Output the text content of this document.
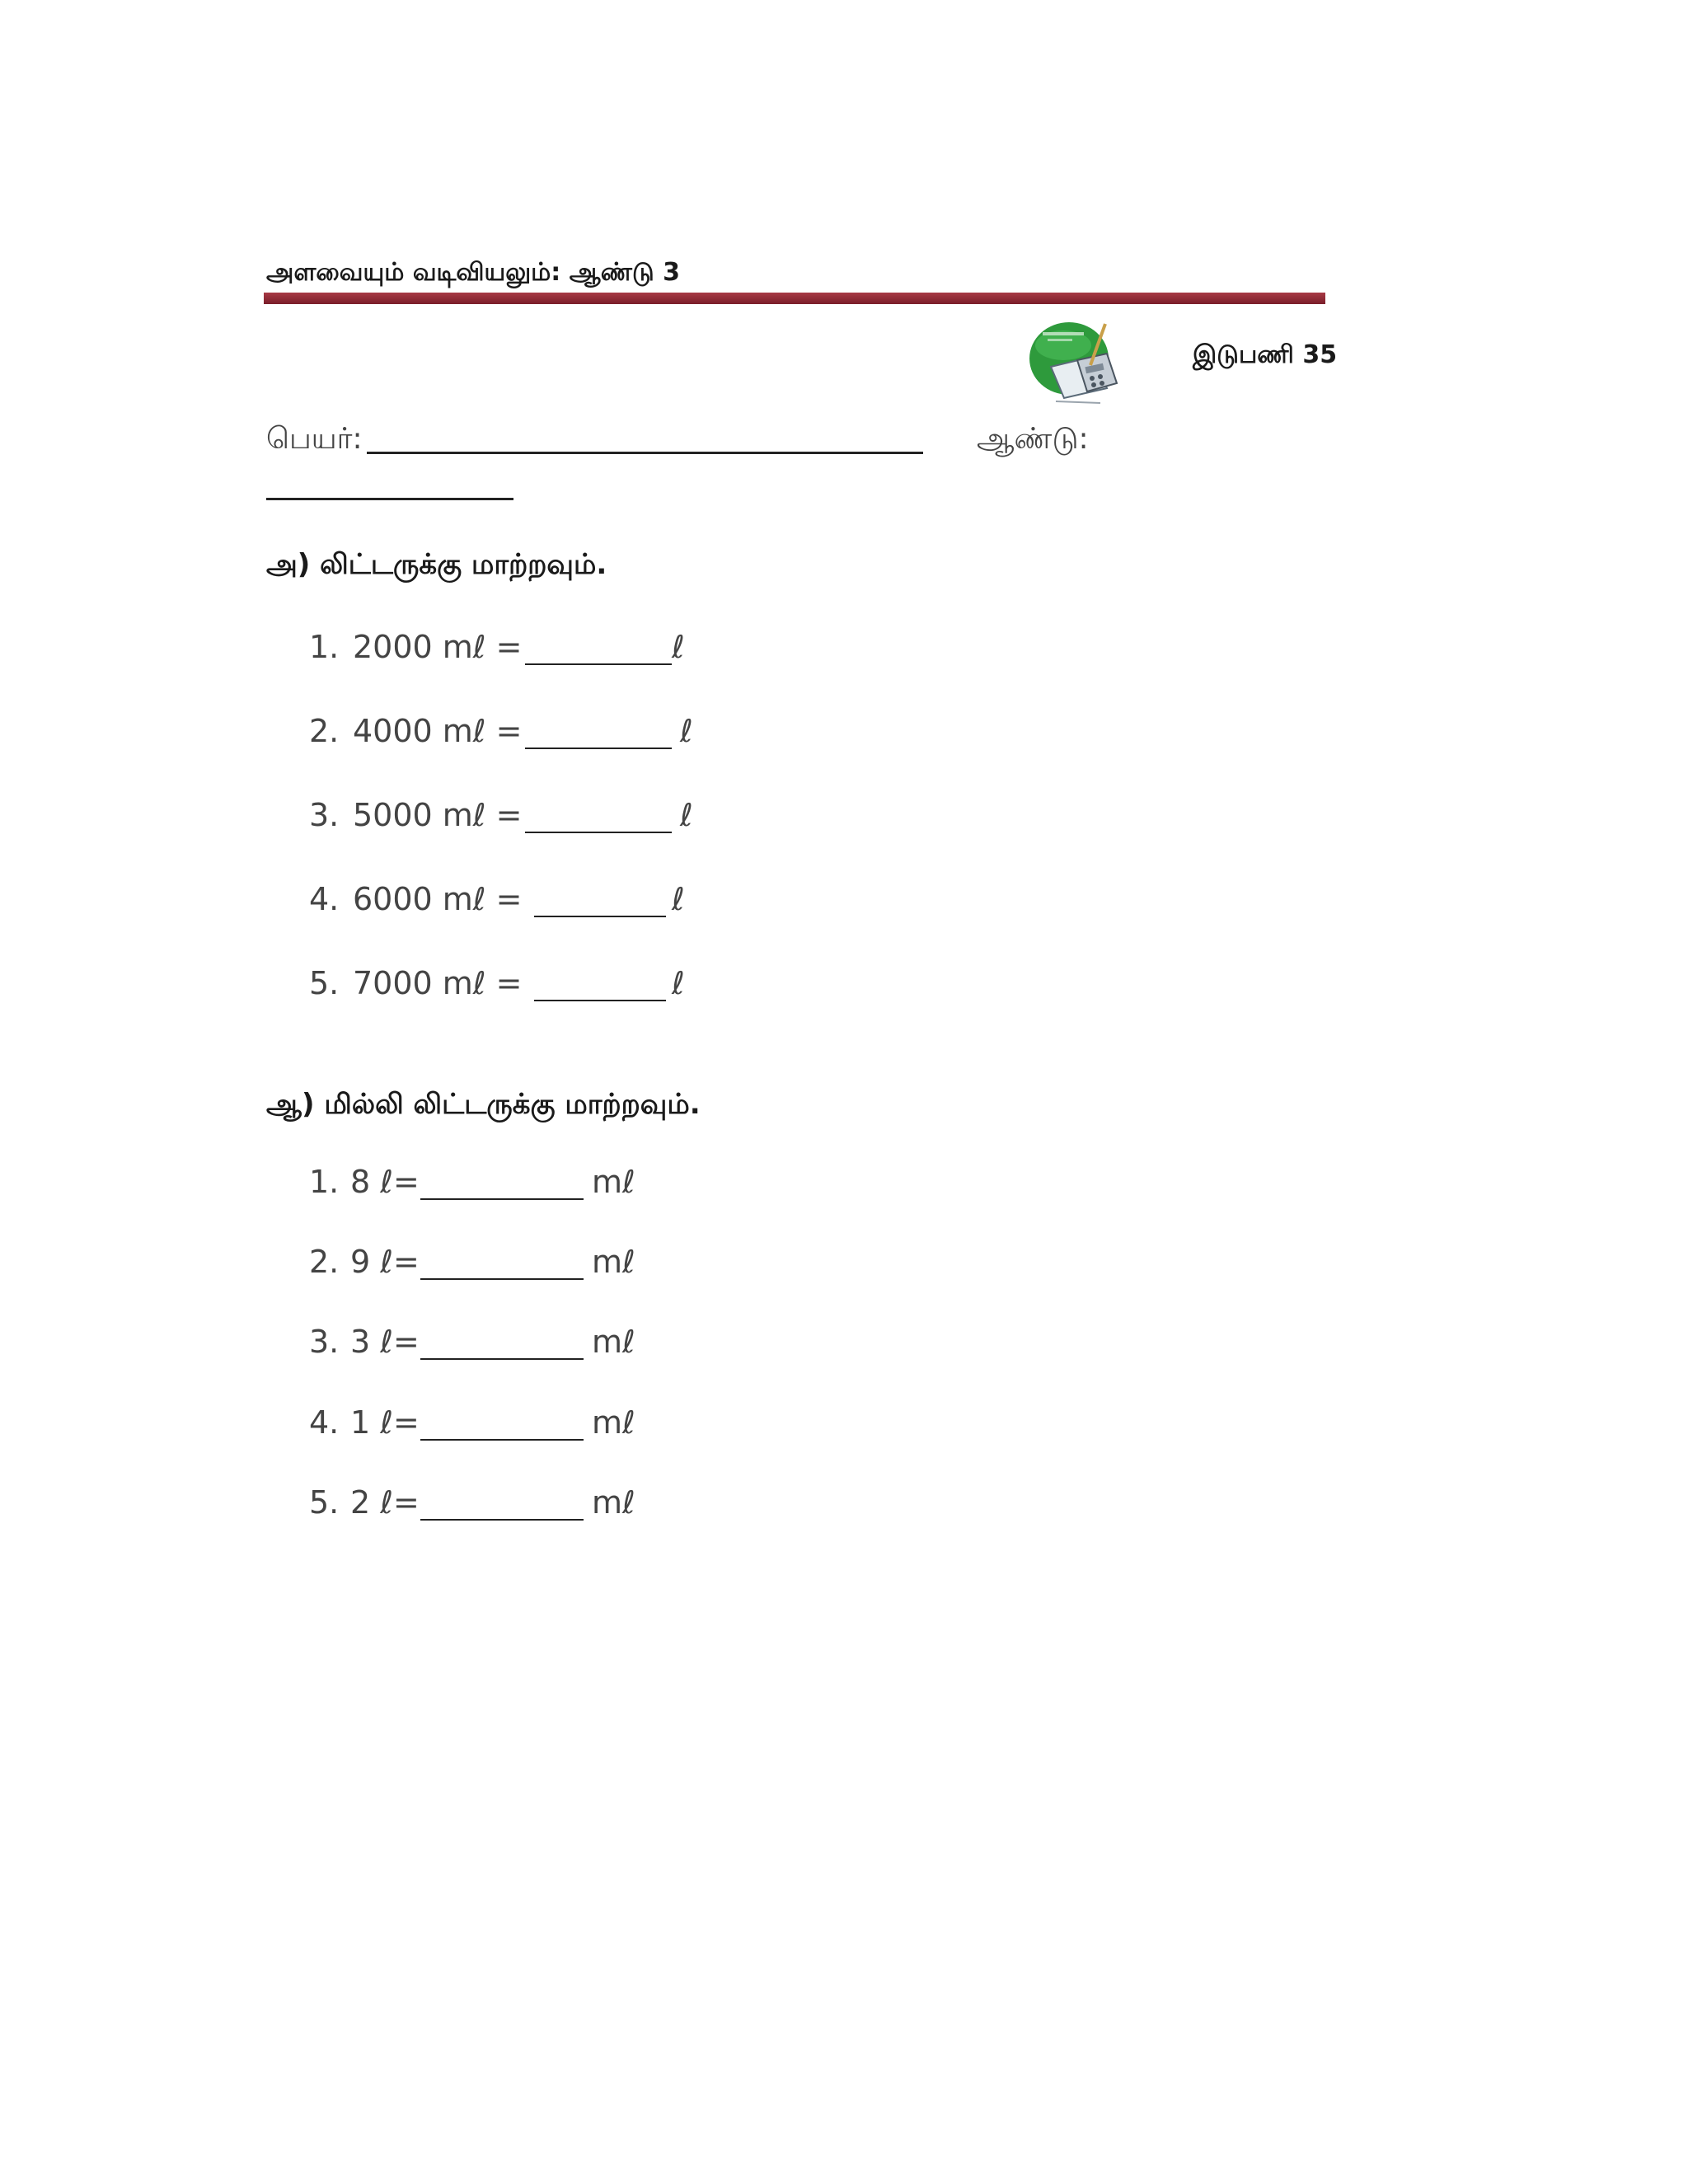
அளவையும் வடிவியலும்: ஆண்டு 3
இடுபணி 35
பெயர்:	ஆண்டு:
அ) லிட்டருக்கு மாற்றவும்.
1. 2000 mℓ =	ℓ
2. 4000 mℓ =	ℓ
3. 5000 mℓ =	ℓ
4. 6000 mℓ =	ℓ
5. 7000 mℓ =	ℓ
ஆ) மில்லி லிட்டருக்கு மாற்றவும்.
1. 8 ℓ=	mℓ
2. 9 ℓ=	mℓ
3. 3 ℓ=	mℓ
4. 1 ℓ=	mℓ
5. 2 ℓ=	mℓ
